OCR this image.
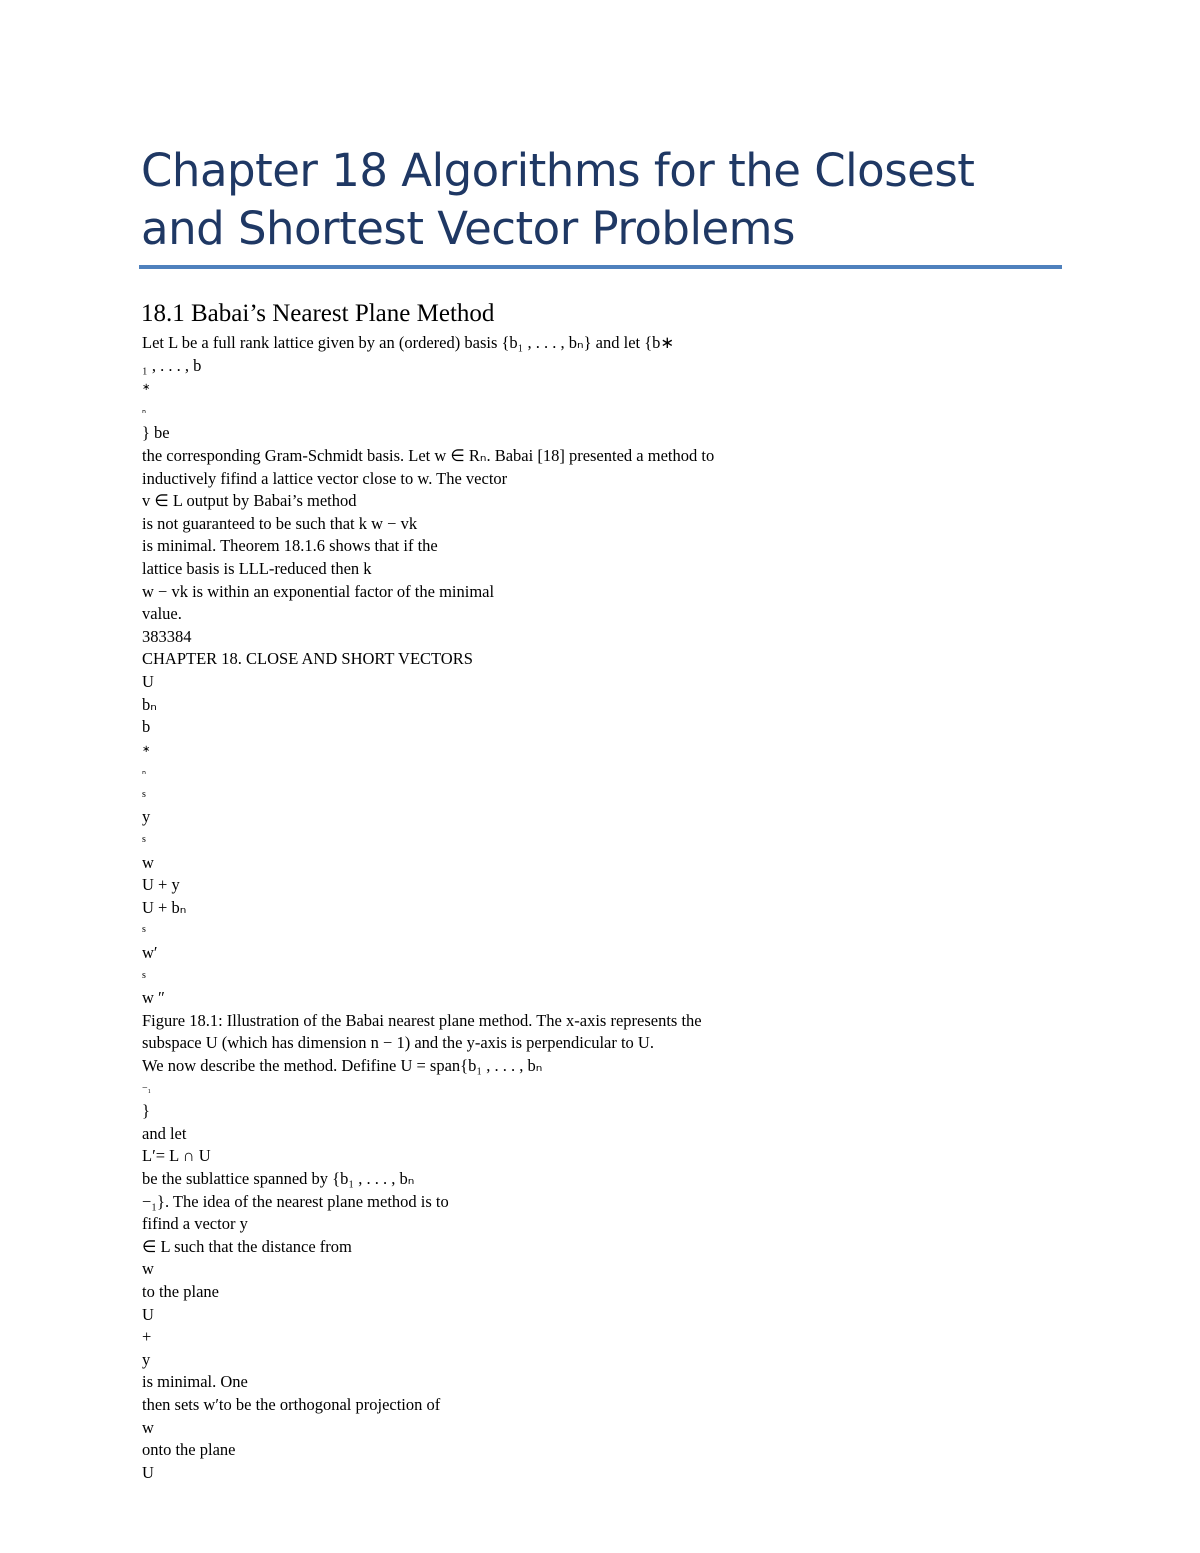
Chapter 18 Algorithms for the Closest and Shortest Vector Problems
18.1 Babai’s Nearest Plane Method
Let L be a full rank lattice given by an (ordered) basis {b₁ , . . . , bₙ} and let {b∗
₁ , . . . , b
∗
ₙ
} be
the corresponding Gram-Schmidt basis. Let w ∈ Rₙ. Babai [18] presented a method to
inductively fifind a lattice vector close to w. The vector
v ∈ L output by Babai’s method
is not guaranteed to be such that k w − vk
is minimal. Theorem 18.1.6 shows that if the
lattice basis is LLL-reduced then k
w − vk is within an exponential factor of the minimal
value.
383384
CHAPTER 18. CLOSE AND SHORT VECTORS
U
bₙ
b
∗
ₙ
s
y
s
w
U + y
U + bₙ
s
w′
s
w ″
Figure 18.1: Illustration of the Babai nearest plane method. The x-axis represents the
subspace U (which has dimension n − 1) and the y-axis is perpendicular to U.
We now describe the method. Defifine U = span{b₁ , . . . , bₙ
−₁
}
and let
L′= L ∩ U
be the sublattice spanned by {b₁ , . . . , bₙ
−₁}. The idea of the nearest plane method is to
fifind a vector y
∈ L such that the distance from
w
to the plane
U
+
y
is minimal. One
then sets w′to be the orthogonal projection of
w
onto the plane
U
